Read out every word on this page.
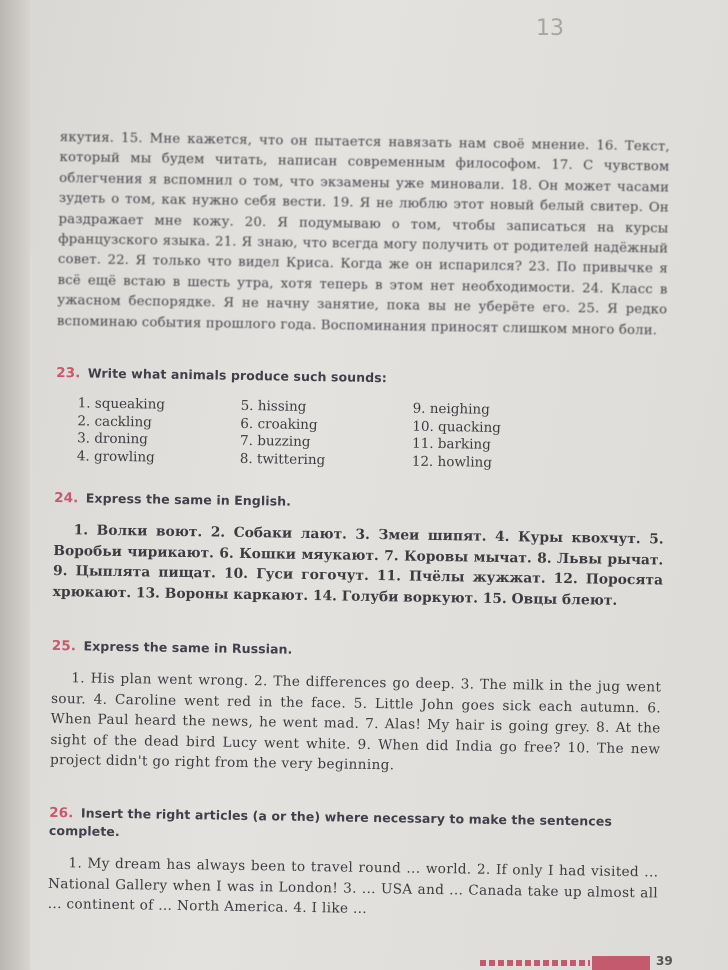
13

якутия. 15. Мне кажется, что он пытается навязать нам своё мнение. 16. Текст, который мы будем читать, написан современным философом. 17. С чувством облегчения я вспомнил о том, что экзамены уже миновали. 18. Он может часами зудеть о том, как нужно себя вести. 19. Я не люблю этот новый белый свитер. Он раздражает мне кожу. 20. Я подумываю о том, чтобы записаться на курсы французского языка. 21. Я знаю, что всегда могу получить от родителей надёжный совет. 22. Я только что видел Криса. Когда же он испарился? 23. По привычке я всё ещё встаю в шесть утра, хотя теперь в этом нет необходимости. 24. Класс в ужасном беспорядке. Я не начну занятие, пока вы не уберёте его. 25. Я редко вспоминаю события прошлого года. Воспоминания приносят слишком много боли.

23. Write what animals produce such sounds:

1. squeaking
2. cackling
3. droning
4. growling
5. hissing
6. croaking
7. buzzing
8. twittering
9. neighing
10. quacking
11. barking
12. howling

24. Express the same in English.

1. Волки воют. 2. Собаки лают. 3. Змеи шипят. 4. Куры квохчут. 5. Воробьи чирикают. 6. Кошки мяукают. 7. Коровы мычат. 8. Львы рычат. 9. Цыплята пищат. 10. Гуси гогочут. 11. Пчёлы жужжат. 12. Поросята хрюкают. 13. Вороны каркают. 14. Голуби воркуют. 15. Овцы блеют.

25. Express the same in Russian.

1. His plan went wrong. 2. The differences go deep. 3. The milk in the jug went sour. 4. Caroline went red in the face. 5. Little John goes sick each autumn. 6. When Paul heard the news, he went mad. 7. Alas! My hair is going grey. 8. At the sight of the dead bird Lucy went white. 9. When did India go free? 10. The new project didn't go right from the very beginning.

26. Insert the right articles (a or the) where necessary to make the sentences complete.

1. My dream has always been to travel round ... world. 2. If only I had visited ... National Gallery when I was in London! 3. ... USA and ... Canada take up almost all ... continent of ... North America. 4. I like ...

39
